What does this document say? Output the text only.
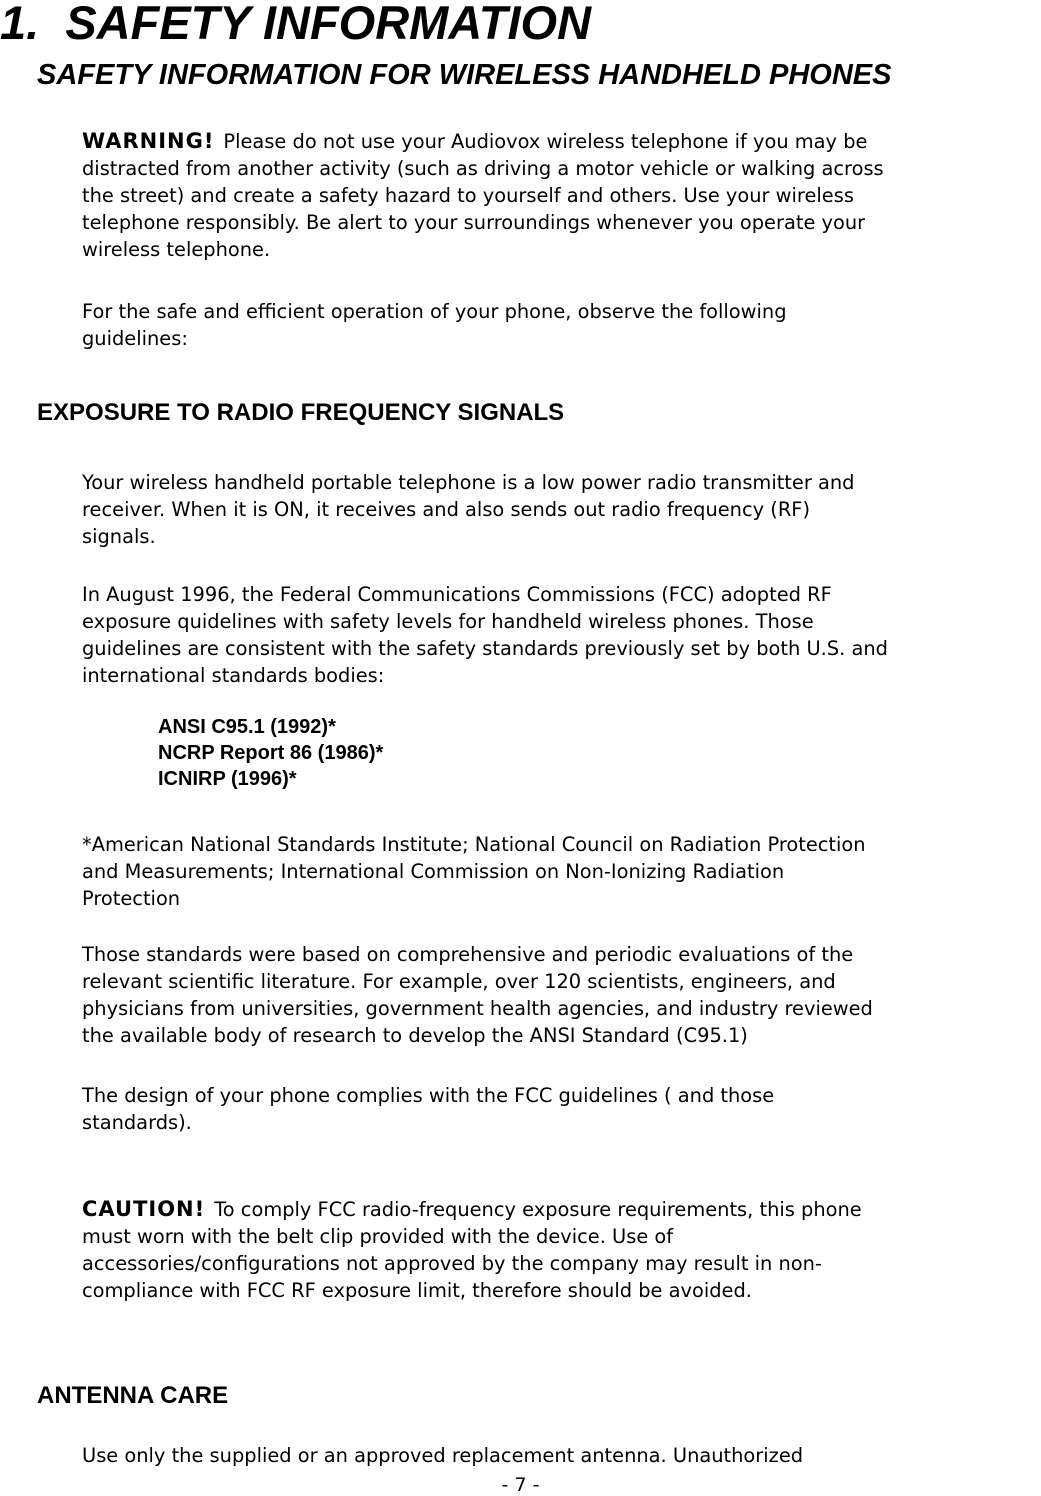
1. SAFETY INFORMATION
SAFETY INFORMATION FOR WIRELESS HANDHELD PHONES
WARNING! Please do not use your Audiovox wireless telephone if you may be
distracted from another activity (such as driving a motor vehicle or walking across
the street) and create a safety hazard to yourself and others. Use your wireless
telephone responsibly. Be alert to your surroundings whenever you operate your
wireless telephone.
For the safe and efficient operation of your phone, observe the following
guidelines:
EXPOSURE TO RADIO FREQUENCY SIGNALS
Your wireless handheld portable telephone is a low power radio transmitter and
receiver. When it is ON, it receives and also sends out radio frequency (RF)
signals.
In August 1996, the Federal Communications Commissions (FCC) adopted RF
exposure quidelines with safety levels for handheld wireless phones. Those
guidelines are consistent with the safety standards previously set by both U.S. and
international standards bodies:
ANSI C95.1 (1992)*
NCRP Report 86 (1986)*
ICNIRP (1996)*
*American National Standards Institute; National Council on Radiation Protection
and Measurements; International Commission on Non-Ionizing Radiation
Protection
Those standards were based on comprehensive and periodic evaluations of the
relevant scientific literature. For example, over 120 scientists, engineers, and
physicians from universities, government health agencies, and industry reviewed
the available body of research to develop the ANSI Standard (C95.1)
The design of your phone complies with the FCC guidelines ( and those
standards).
CAUTION! To comply FCC radio-frequency exposure requirements, this phone
must worn with the belt clip provided with the device. Use of
accessories/configurations not approved by the company may result in non-
compliance with FCC RF exposure limit, therefore should be avoided.
ANTENNA CARE
Use only the supplied or an approved replacement antenna. Unauthorized
- 7 -
